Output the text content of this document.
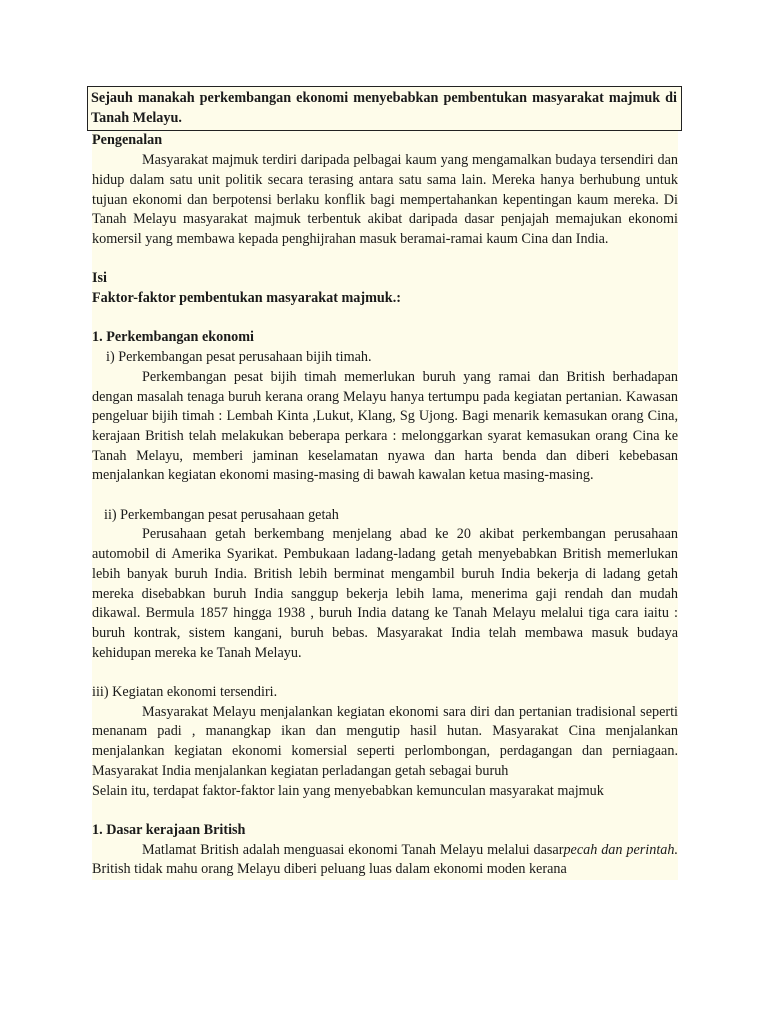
Sejauh manakah perkembangan ekonomi menyebabkan pembentukan masyarakat majmuk di Tanah Melayu.

Pengenalan

Masyarakat majmuk terdiri daripada pelbagai kaum yang mengamalkan budaya tersendiri dan hidup dalam satu unit politik secara terasing antara satu sama lain. Mereka hanya berhubung untuk tujuan ekonomi dan berpotensi berlaku konflik bagi mempertahankan kepentingan kaum mereka. Di Tanah Melayu masyarakat majmuk terbentuk akibat daripada dasar penjajah memajukan ekonomi komersil yang membawa kepada penghijrahan masuk beramai-ramai kaum Cina dan India.

Isi

Faktor-faktor pembentukan masyarakat majmuk.:

1. Perkembangan ekonomi

i) Perkembangan pesat perusahaan bijih timah.

Perkembangan pesat bijih timah memerlukan buruh yang ramai dan British berhadapan dengan masalah tenaga buruh kerana orang Melayu hanya tertumpu pada kegiatan pertanian. Kawasan pengeluar bijih timah : Lembah Kinta ,Lukut, Klang, Sg Ujong. Bagi menarik kemasukan orang Cina, kerajaan British telah melakukan beberapa perkara : melonggarkan syarat kemasukan orang Cina ke Tanah Melayu, memberi jaminan keselamatan nyawa dan harta benda dan diberi kebebasan menjalankan kegiatan ekonomi masing-masing di bawah kawalan ketua masing-masing.

ii) Perkembangan pesat perusahaan getah

Perusahaan getah berkembang menjelang abad ke 20 akibat perkembangan perusahaan automobil di Amerika Syarikat. Pembukaan ladang-ladang getah menyebabkan British memerlukan lebih banyak buruh India. British lebih berminat mengambil buruh India bekerja di ladang getah mereka disebabkan buruh India sanggup bekerja lebih lama, menerima gaji rendah dan mudah dikawal. Bermula 1857 hingga 1938 , buruh India datang ke Tanah Melayu melalui tiga cara iaitu : buruh kontrak, sistem kangani, buruh bebas. Masyarakat India telah membawa masuk budaya kehidupan mereka ke Tanah Melayu.

iii) Kegiatan ekonomi tersendiri.

Masyarakat Melayu menjalankan kegiatan ekonomi sara diri dan pertanian tradisional seperti menanam padi , manangkap ikan dan mengutip hasil hutan. Masyarakat Cina menjalankan menjalankan kegiatan ekonomi komersial seperti perlombongan, perdagangan dan perniagaan. Masyarakat India menjalankan kegiatan perladangan getah sebagai buruh

Selain itu, terdapat faktor-faktor lain yang menyebabkan kemunculan masyarakat majmuk

1. Dasar kerajaan British

Matlamat British adalah menguasai ekonomi Tanah Melayu melalui dasarpecah dan perintah. British tidak mahu orang Melayu diberi peluang luas dalam ekonomi moden kerana
